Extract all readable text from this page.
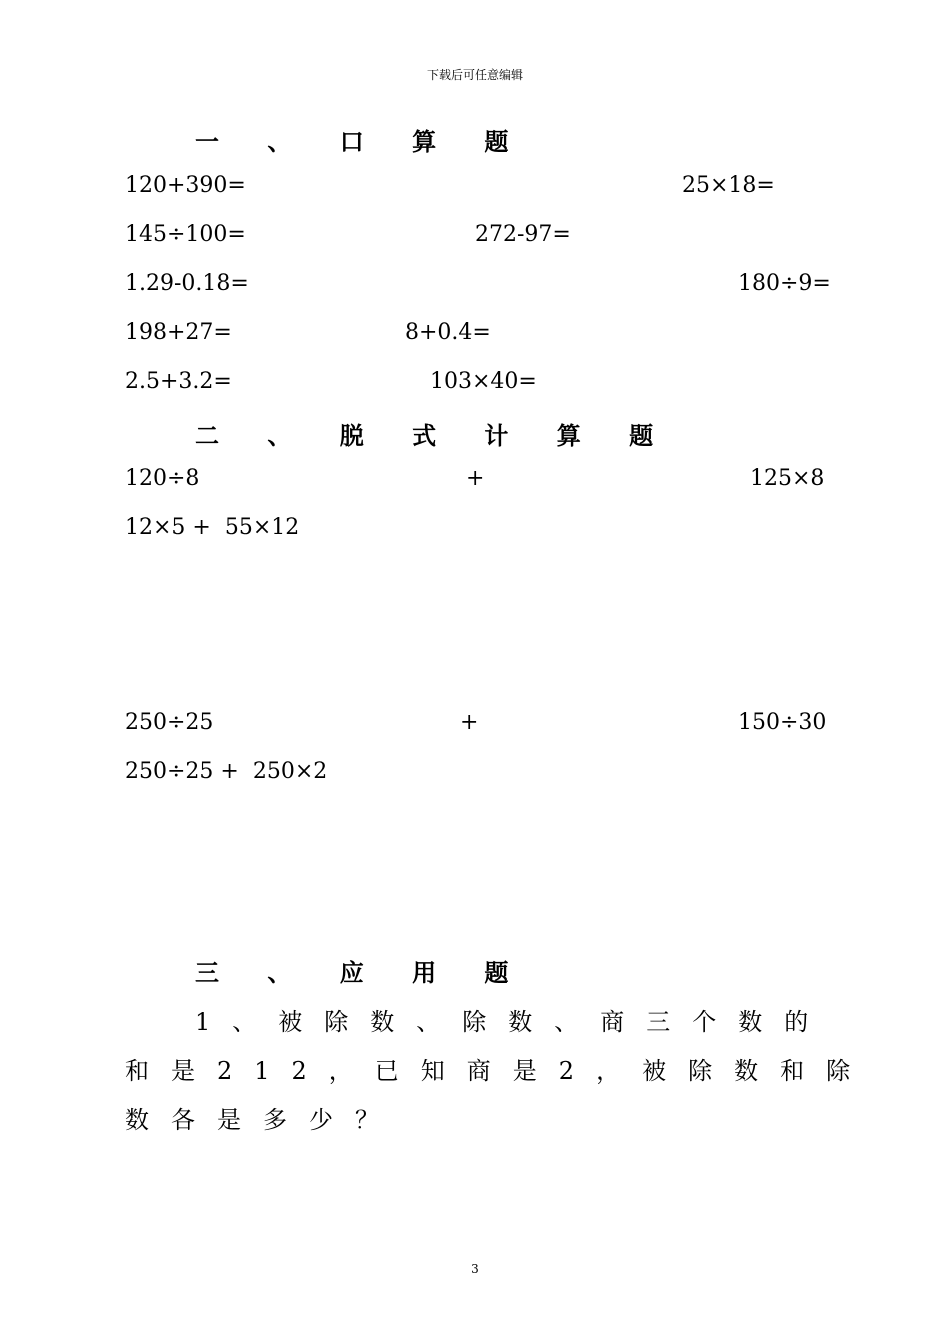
下载后可任意编辑
一 、 口 算 题
120+390=	25×18=
145÷100=	272-97=
1.29-0.18=	180÷9=
198+27=	8+0.4=
2.5+3.2=	103×40=
二 、 脱 式 计 算 题
120÷8	+	125×8
12×5 +  55×12
250÷25	+	150÷30
250÷25 +  250×2
三 、 应 用 题
1、被除数、除数、商三个数的
和是212，已知商是2，被除数和除
数各是多少？
3
